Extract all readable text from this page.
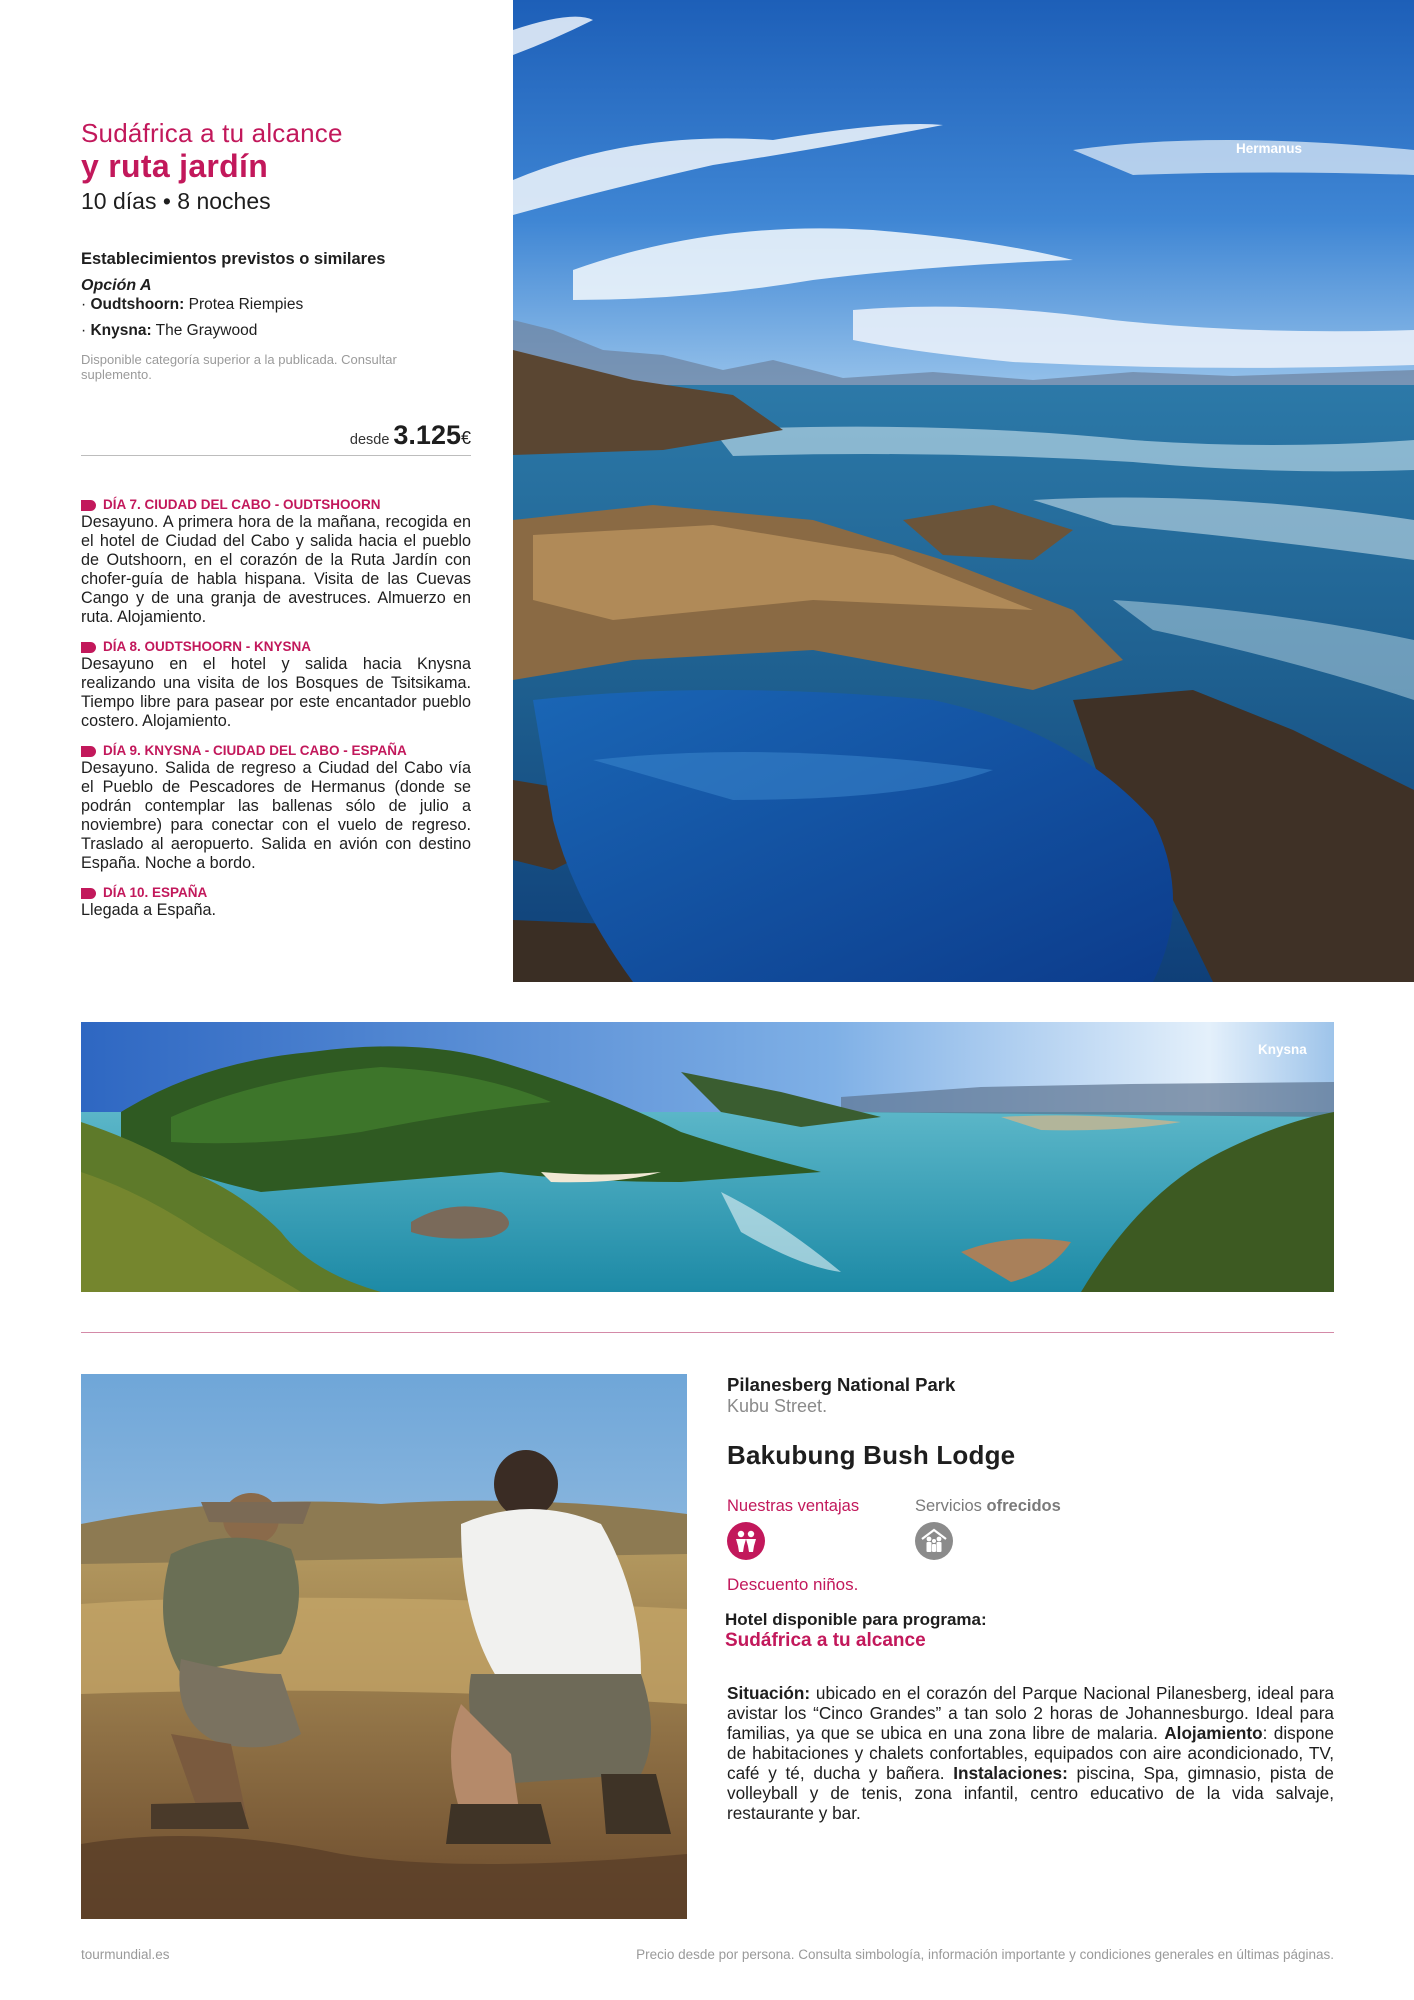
Sudáfrica a tu alcance
y ruta jardín
10 días • 8 noches
Establecimientos previstos o similares
Opción A
· Oudtshoorn: Protea Riempies
· Knysna: The Graywood
Disponible categoría superior a la publicada. Consultar suplemento.
desde 3.125€
DÍA 7. CIUDAD DEL CABO - OUDTSHOORN
Desayuno. A primera hora de la mañana, recogida en el hotel de Ciudad del Cabo y salida hacia el pueblo de Outshoorn, en el corazón de la Ruta Jardín con chofer-guía de habla hispana. Visita de las Cuevas Cango y de una granja de avestruces. Almuerzo en ruta. Alojamiento.
DÍA 8. OUDTSHOORN - KNYSNA
Desayuno en el hotel y salida hacia Knysna realizando una visita de los Bosques de Tsitsikama. Tiempo libre para pasear por este encantador pueblo costero. Alojamiento.
DÍA 9. KNYSNA - CIUDAD DEL CABO - ESPAÑA
Desayuno. Salida de regreso a Ciudad del Cabo vía el Pueblo de Pescadores de Hermanus (donde se podrán contemplar las ballenas sólo de julio a noviembre) para conectar con el vuelo de regreso. Traslado al aeropuerto. Salida en avión con destino España. Noche a bordo.
DÍA 10. ESPAÑA
Llegada a España.
Hermanus
Knysna
Pilanesberg National Park
Kubu Street.
Bakubung Bush Lodge
Nuestras ventajas	Servicios ofrecidos
Descuento niños.
Hotel disponible para programa:
Sudáfrica a tu alcance
Situación: ubicado en el corazón del Parque Nacional Pilanesberg, ideal para avistar los “Cinco Grandes” a tan solo 2 horas de Johannesburgo. Ideal para familias, ya que se ubica en una zona libre de malaria. Alojamiento: dispone de habitaciones y chalets confortables, equipados con aire acondicionado, TV, café y té, ducha y bañera. Instalaciones: piscina, Spa, gimnasio, pista de volleyball y de tenis, zona infantil, centro educativo de la vida salvaje, restaurante y bar.
tourmundial.es	Precio desde por persona. Consulta simbología, información importante y condiciones generales en últimas páginas.
